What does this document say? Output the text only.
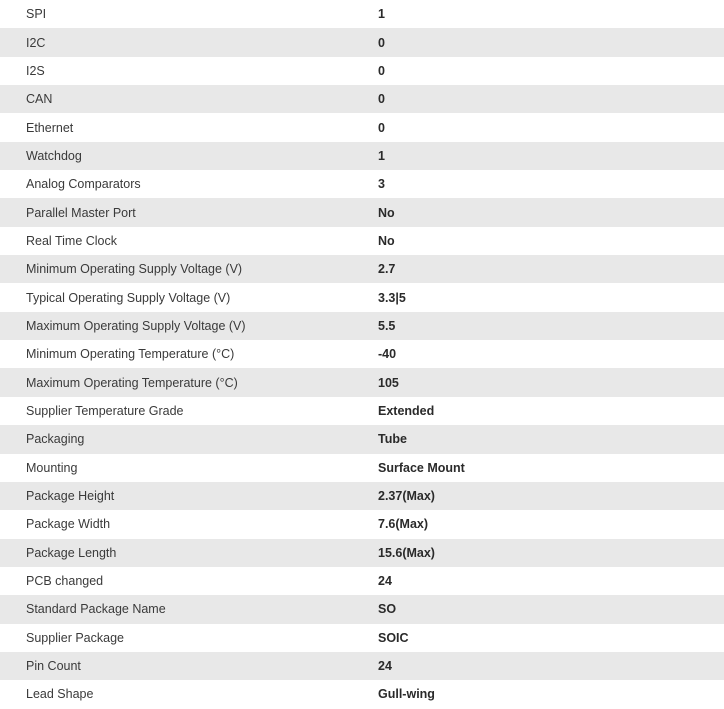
SPI	1
I2C	0
I2S	0
CAN	0
Ethernet	0
Watchdog	1
Analog Comparators	3
Parallel Master Port	No
Real Time Clock	No
Minimum Operating Supply Voltage (V)	2.7
Typical Operating Supply Voltage (V)	3.3|5
Maximum Operating Supply Voltage (V)	5.5
Minimum Operating Temperature (°C)	-40
Maximum Operating Temperature (°C)	105
Supplier Temperature Grade	Extended
Packaging	Tube
Mounting	Surface Mount
Package Height	2.37(Max)
Package Width	7.6(Max)
Package Length	15.6(Max)
PCB changed	24
Standard Package Name	SO
Supplier Package	SOIC
Pin Count	24
Lead Shape	Gull-wing
